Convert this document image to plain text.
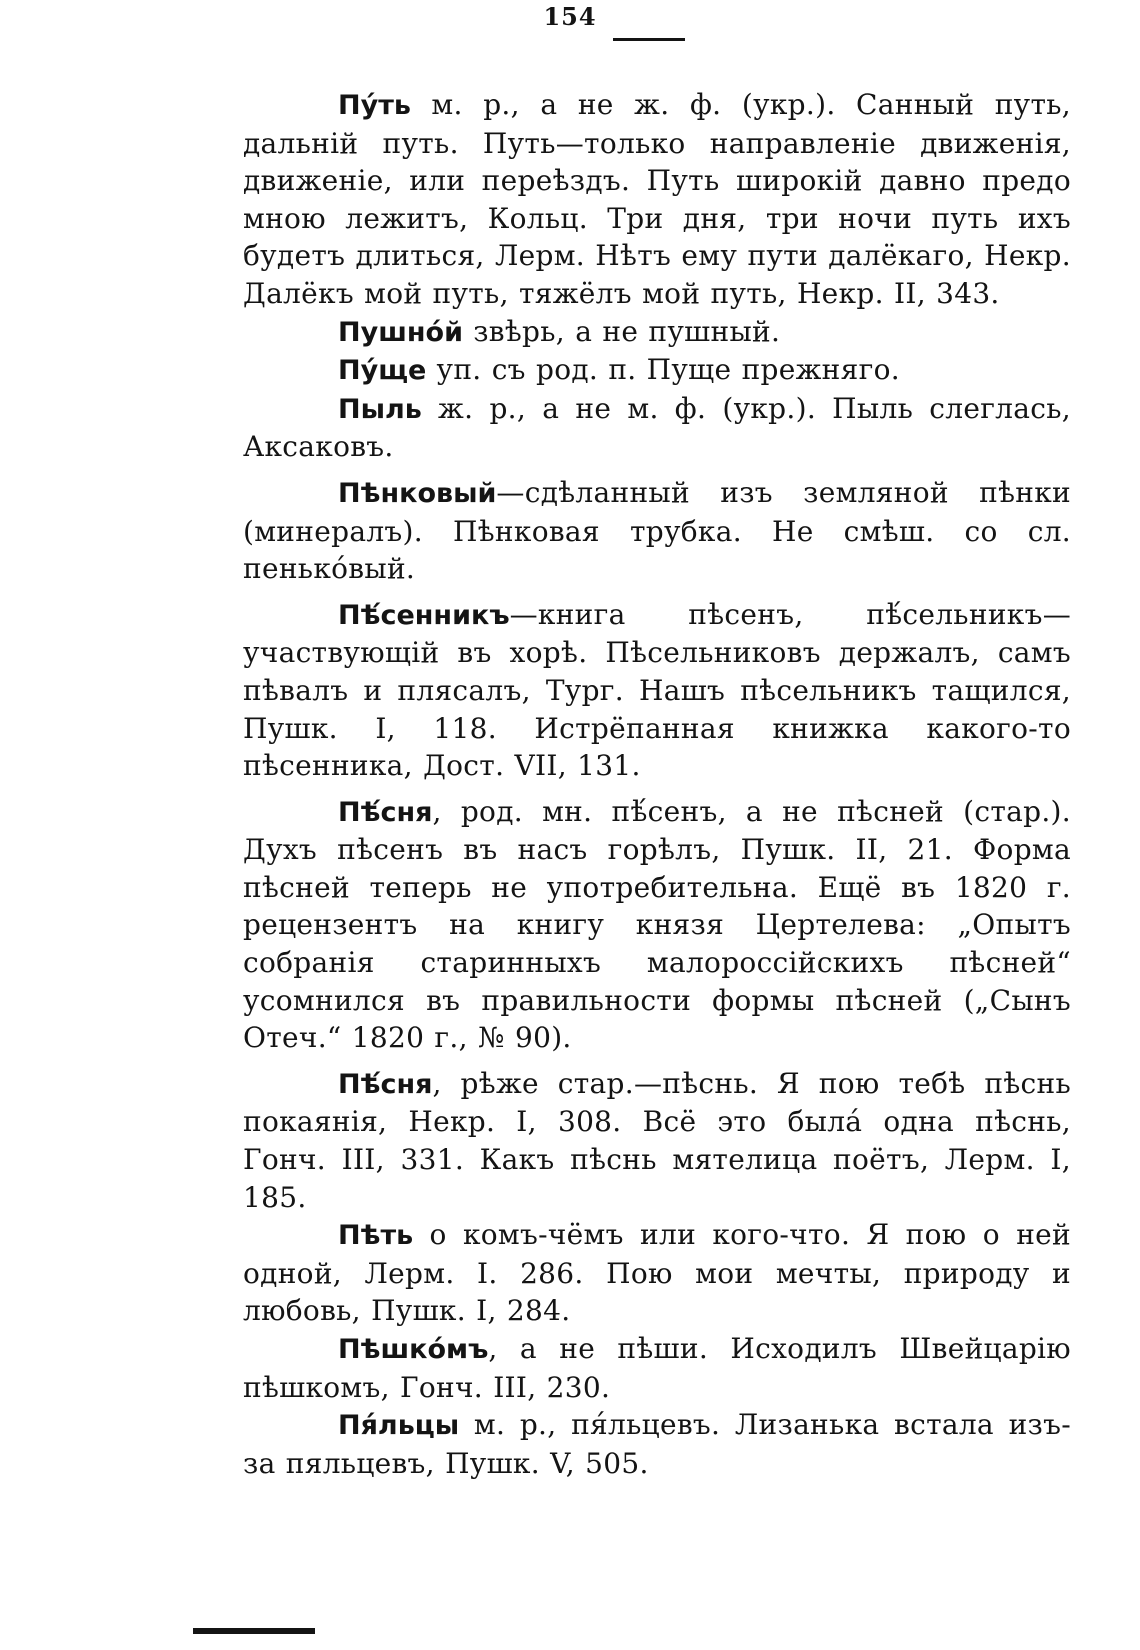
154

Пу́ть м. р., а не ж. ф. (укр.). Санный путь, дальній путь. Путь—только направленіе движенія, движеніе, или переѣздъ. Путь широкій давно предо мною лежитъ, Кольц. Три дня, три ночи путь ихъ будетъ длиться, Лерм. Нѣтъ ему пути далёкаго, Некр. Далёкъ мой путь, тяжёлъ мой путь, Некр. II, 343.

Пушно́й звѣрь, а не пушный.

Пу́ще уп. съ род. п. Пуще прежняго.

Пыль ж. р., а не м. ф. (укр.). Пыль слеглась, Аксаковъ.

Пѣнковый—сдѣланный изъ земляной пѣнки (минералъ). Пѣнковая трубка. Не смѣш. со сл. пенько́вый.

Пѣ́сенникъ—книга пѣсенъ, пѣ́сельникъ—участвующій въ хорѣ. Пѣсельниковъ держалъ, самъ пѣвалъ и плясалъ, Тург. Нашъ пѣсельникъ тащился, Пушк. I, 118. Истрёпанная книжка какого-то пѣсенника, Дост. VII, 131.

Пѣ́сня, род. мн. пѣ́сенъ, а не пѣсней (стар.). Духъ пѣсенъ въ насъ горѣлъ, Пушк. II, 21. Форма пѣсней теперь не употребительна. Ещё въ 1820 г. рецензентъ на книгу князя Цертелева: „Опытъ собранія старинныхъ малороссійскихъ пѣсней“ усомнился въ правильности формы пѣсней („Сынъ Отеч.“ 1820 г., № 90).

Пѣ́сня, рѣже стар.—пѣснь. Я пою тебѣ пѣснь покаянія, Некр. I, 308. Всё это была́ одна пѣснь, Гонч. III, 331. Какъ пѣснь мятелица поётъ, Лерм. I, 185.

Пѣть о комъ-чёмъ или кого-что. Я пою о ней одной, Лерм. I. 286. Пою мои мечты, природу и любовь, Пушк. I, 284.

Пѣшко́мъ, а не пѣши. Исходилъ Швейцарію пѣшкомъ, Гонч. III, 230.

Пя́льцы м. р., пя́льцевъ. Лизанька встала изъ-за пяльцевъ, Пушк. V, 505.
